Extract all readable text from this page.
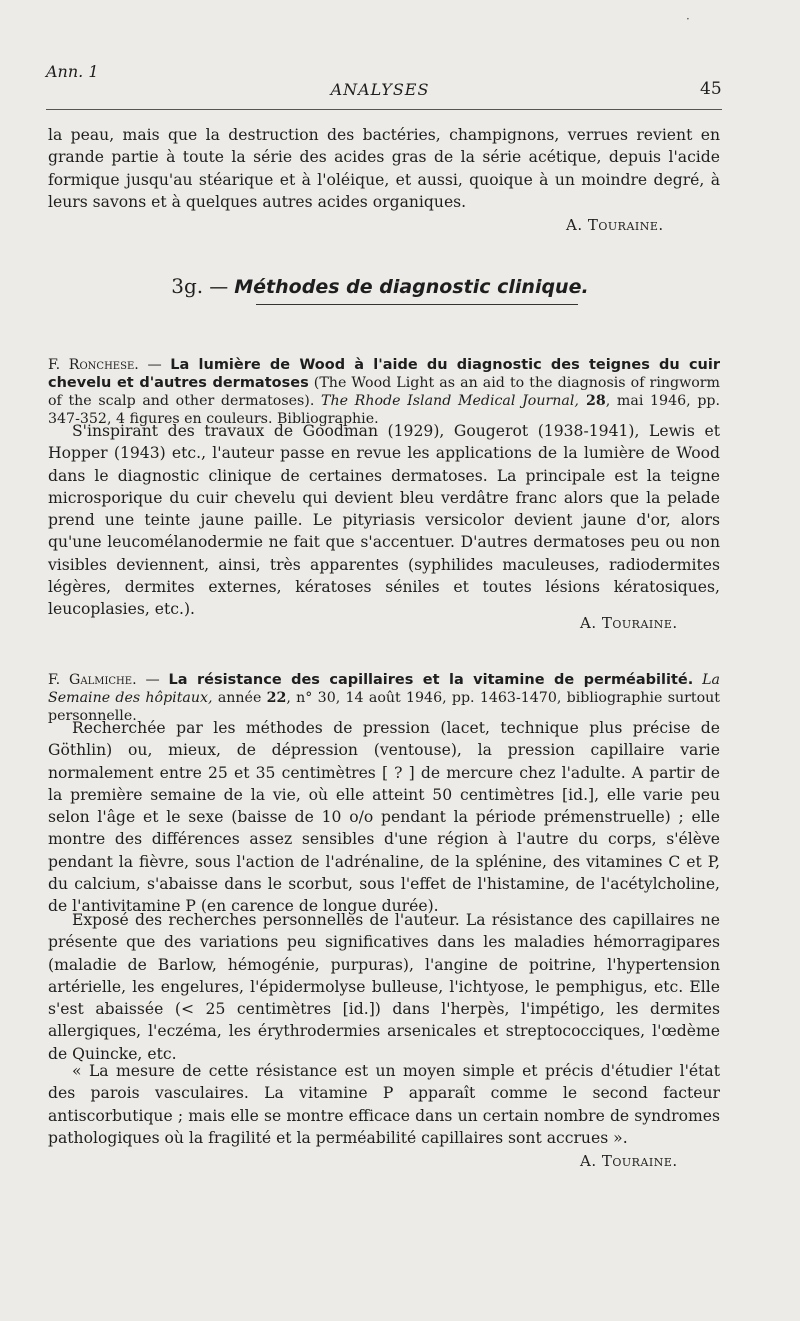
·
Ann. 1
ANALYSES	45

la peau, mais que la destruction des bactéries, champignons, verrues revient en grande partie à toute la série des acides gras de la série acétique, depuis l'acide formique jusqu'au stéarique et à l'oléique, et aussi, quoique à un moindre degré, à leurs savons et à quelques autres acides organiques.

A. Touraine.
3g. — Méthodes de diagnostic clinique.

F. Ronchese. — La lumière de Wood à l'aide du diagnostic des teignes du cuir chevelu et d'autres dermatoses (The Wood Light as an aid to the diagnosis of ringworm of the scalp and other dermatoses). The Rhode Island Medical Journal, 28, mai 1946, pp. 347-352, 4 figures en couleurs. Bibliographie.

S'inspirant des travaux de Goodman (1929), Gougerot (1938-1941), Lewis et Hopper (1943) etc., l'auteur passe en revue les applications de la lumière de Wood dans le diagnostic clinique de certaines dermatoses. La principale est la teigne microsporique du cuir chevelu qui devient bleu verdâtre franc alors que la pelade prend une teinte jaune paille. Le pityriasis versicolor devient jaune d'or, alors qu'une leucomélanodermie ne fait que s'accentuer. D'autres dermatoses peu ou non visibles deviennent, ainsi, très apparentes (syphilides maculeuses, radiodermites légères, dermites externes, kératoses séniles et toutes lésions kératosiques, leucoplasies, etc.).

A. Touraine.

F. Galmiche. — La résistance des capillaires et la vitamine de perméabilité. La Semaine des hôpitaux, année 22, n° 30, 14 août 1946, pp. 1463-1470, bibliographie surtout personnelle.

Recherchée par les méthodes de pression (lacet, technique plus précise de Göthlin) ou, mieux, de dépression (ventouse), la pression capillaire varie normalement entre 25 et 35 centimètres [ ? ] de mercure chez l'adulte. A partir de la première semaine de la vie, où elle atteint 50 centimètres [id.], elle varie peu selon l'âge et le sexe (baisse de 10 o/o pendant la période prémenstruelle) ; elle montre des différences assez sensibles d'une région à l'autre du corps, s'élève pendant la fièvre, sous l'action de l'adrénaline, de la splénine, des vitamines C et P, du calcium, s'abaisse dans le scorbut, sous l'effet de l'histamine, de l'acétylcholine, de l'antivitamine P (en carence de longue durée).

Exposé des recherches personnelles de l'auteur. La résistance des capillaires ne présente que des variations peu significatives dans les maladies hémorragipares (maladie de Barlow, hémogénie, purpuras), l'angine de poitrine, l'hypertension artérielle, les engelures, l'épidermolyse bulleuse, l'ichtyose, le pemphigus, etc. Elle s'est abaissée (< 25 centimètres [id.]) dans l'herpès, l'impétigo, les dermites allergiques, l'eczéma, les érythrodermies arsenicales et streptococciques, l'œdème de Quincke, etc.

« La mesure de cette résistance est un moyen simple et précis d'étudier l'état des parois vasculaires. La vitamine P apparaît comme le second facteur antiscorbutique ; mais elle se montre efficace dans un certain nombre de syndromes pathologiques où la fragilité et la perméabilité capillaires sont accrues ».

A. Touraine.
